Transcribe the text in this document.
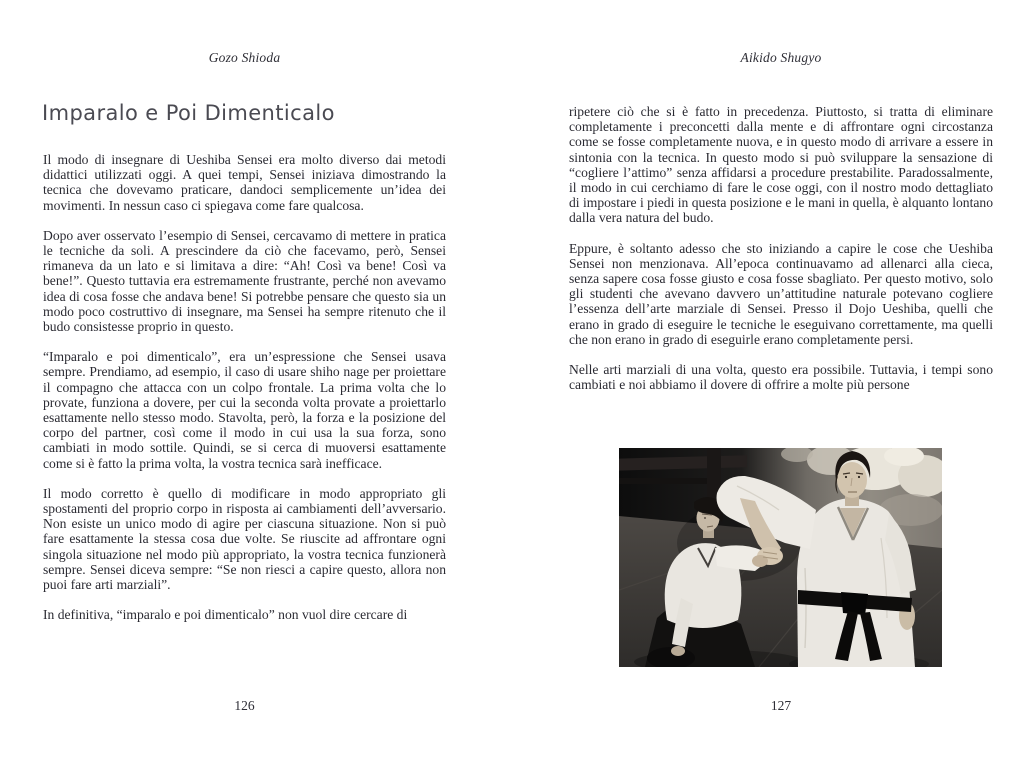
Gozo Shioda
Imparalo e Poi Dimenticalo

Il modo di insegnare di Ueshiba Sensei era molto diverso dai metodi didattici utilizzati oggi. A quei tempi, Sensei iniziava dimostrando la tecnica che dovevamo praticare, dandoci semplicemente un’idea dei movimenti. In nessun caso ci spiegava come fare qualcosa.

Dopo aver osservato l’esempio di Sensei, cercavamo di mettere in pratica le tecniche da soli. A prescindere da ciò che facevamo, però, Sensei rimaneva da un lato e si limitava a dire: “Ah! Così va bene! Così va bene!”. Questo tuttavia era estremamente frustrante, perché non avevamo idea di cosa fosse che andava bene! Si potrebbe pensare che questo sia un modo poco costruttivo di insegnare, ma Sensei ha sempre ritenuto che il budo consistesse proprio in questo.

“Imparalo e poi dimenticalo”, era un’espressione che Sensei usava sempre. Prendiamo, ad esempio, il caso di usare shiho nage per proiettare il compagno che attacca con un colpo frontale. La prima volta che lo provate, funziona a dovere, per cui la seconda volta provate a proiettarlo esattamente nello stesso modo. Stavolta, però, la forza e la posizione del corpo del partner, così come il modo in cui usa la sua forza, sono cambiati in modo sottile. Quindi, se si cerca di muoversi esattamente come si è fatto la prima volta, la vostra tecnica sarà inefficace.

Il modo corretto è quello di modificare in modo appropriato gli spostamenti del proprio corpo in risposta ai cambiamenti dell’avversario. Non esiste un unico modo di agire per ciascuna situazione. Non si può fare esattamente la stessa cosa due volte. Se riuscite ad affrontare ogni singola situazione nel modo più appropriato, la vostra tecnica funzionerà sempre. Sensei diceva sempre: “Se non riesci a capire questo, allora non puoi fare arti marziali”.

In definitiva, “imparalo e poi dimenticalo” non vuol dire cercare di

126
Aikido Shugyo

ripetere ciò che si è fatto in precedenza. Piuttosto, si tratta di eliminare completamente i preconcetti dalla mente e di affrontare ogni circostanza come se fosse completamente nuova, e in questo modo di arrivare a essere in sintonia con la tecnica. In questo modo si può sviluppare la sensazione di “cogliere l’attimo” senza affidarsi a procedure prestabilite. Paradossalmente, il modo in cui cerchiamo di fare le cose oggi, con il nostro modo dettagliato di impostare i piedi in questa posizione e le mani in quella, è alquanto lontano dalla vera natura del budo.

Eppure, è soltanto adesso che sto iniziando a capire le cose che Ueshiba Sensei non menzionava. All’epoca continuavamo ad allenarci alla cieca, senza sapere cosa fosse giusto e cosa fosse sbagliato. Per questo motivo, solo gli studenti che avevano davvero un’attitudine naturale potevano cogliere l’essenza dell’arte marziale di Sensei. Presso il Dojo Ueshiba, quelli che erano in grado di eseguire le tecniche le eseguivano correttamente, ma quelli che non erano in grado di eseguirle erano completamente persi.

Nelle arti marziali di una volta, questo era possibile. Tuttavia, i tempi sono cambiati e noi abbiamo il dovere di offrire a molte più persone

127
